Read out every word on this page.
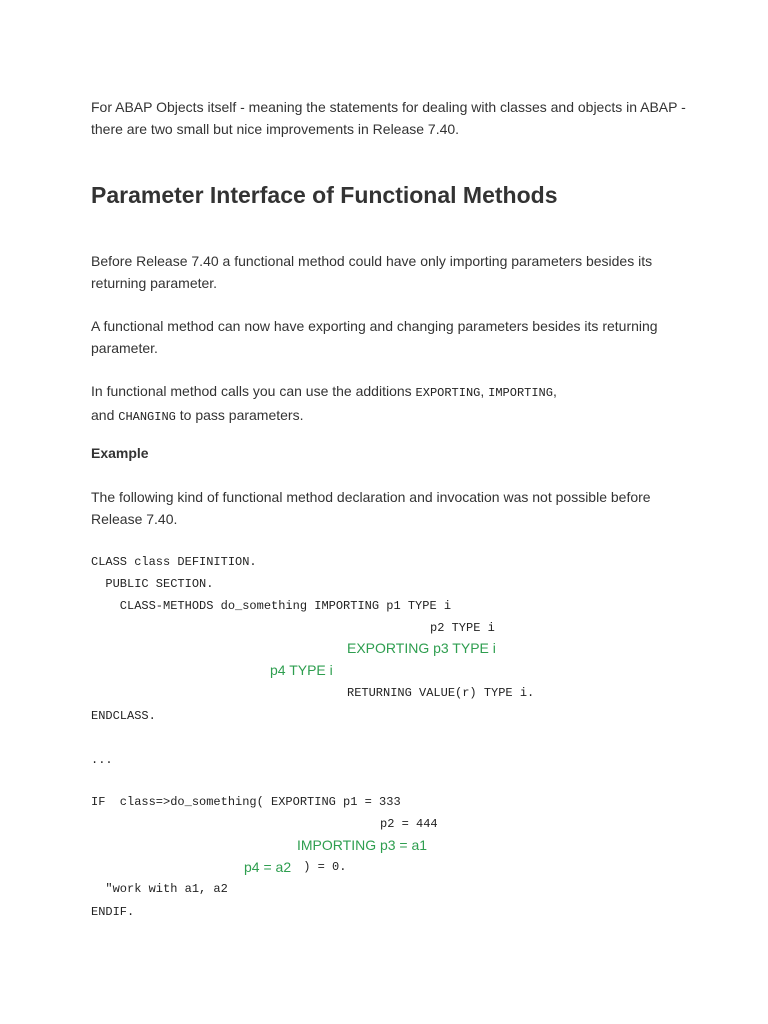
For ABAP Objects itself - meaning the statements for dealing with classes and objects in ABAP -
there are two small but nice improvements in Release 7.40.

Parameter Interface of Functional Methods

Before Release 7.40 a functional method could have only importing parameters besides its
returning parameter.

A functional method can now have exporting and changing parameters besides its returning
parameter.

In functional method calls you can use the additions EXPORTING, IMPORTING,
and CHANGING to pass parameters.

Example

The following kind of functional method declaration and invocation was not possible before
Release 7.40.

CLASS class DEFINITION.
PUBLIC SECTION.
CLASS-METHODS do_something IMPORTING p1 TYPE i
p2 TYPE i
EXPORTING p3 TYPE i
p4 TYPE i
RETURNING VALUE(r) TYPE i.
ENDCLASS.
...
IF  class=>do_something( EXPORTING p1 = 333
p2 = 444
IMPORTING p3 = a1
p4 = a2 ) = 0.
"work with a1, a2
ENDIF.
